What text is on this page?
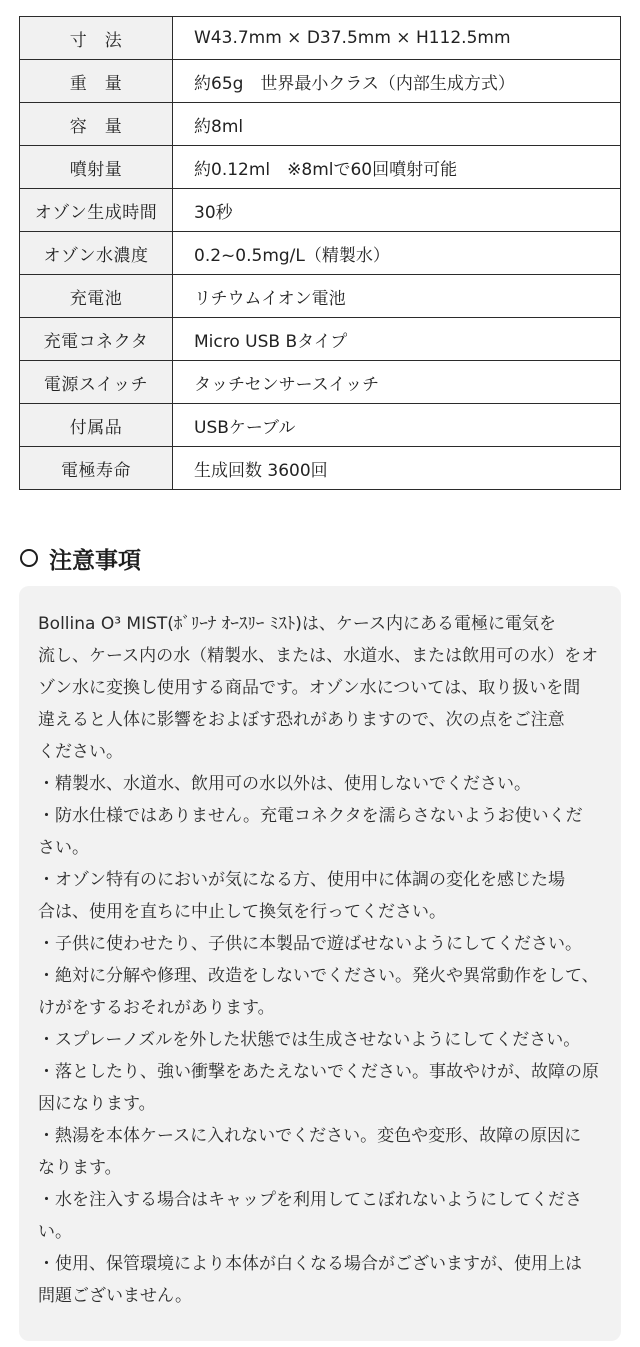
寸　法	W43.7mm × D37.5mm × H112.5mm
重　量	約65g　世界最小クラス（内部生成方式）
容　量	約8ml
噴射量	約0.12ml　※8mlで60回噴射可能
オゾン生成時間	30秒
オゾン水濃度	0.2~0.5mg/L（精製水）
充電池	リチウムイオン電池
充電コネクタ	Micro USB Bタイプ
電源スイッチ	タッチセンサースイッチ
付属品	USBケーブル
電極寿命	生成回数 3600回
注意事項

Bollina O³ MIST(ﾎﾞﾘｰﾅ ｵｰｽﾘｰ ﾐｽﾄ)は、ケース内にある電極に電気を

流し、ケース内の水（精製水、または、水道水、または飲用可の水）をオ

ゾン水に変換し使用する商品です。オゾン水については、取り扱いを間

違えると人体に影響をおよぼす恐れがありますので、次の点をご注意

ください。

・精製水、水道水、飲用可の水以外は、使用しないでください。

・防水仕様ではありません。充電コネクタを濡らさないようお使いくだ

さい。

・オゾン特有のにおいが気になる方、使用中に体調の変化を感じた場

合は、使用を直ちに中止して換気を行ってください。

・子供に使わせたり、子供に本製品で遊ばせないようにしてください。

・絶対に分解や修理、改造をしないでください。発火や異常動作をして、

けがをするおそれがあります。

・スプレーノズルを外した状態では生成させないようにしてください。

・落としたり、強い衝撃をあたえないでください。事故やけが、故障の原

因になります。

・熱湯を本体ケースに入れないでください。変色や変形、故障の原因に

なります。

・水を注入する場合はキャップを利用してこぼれないようにしてくださ

い。

・使用、保管環境により本体が白くなる場合がございますが、使用上は

問題ございません。
